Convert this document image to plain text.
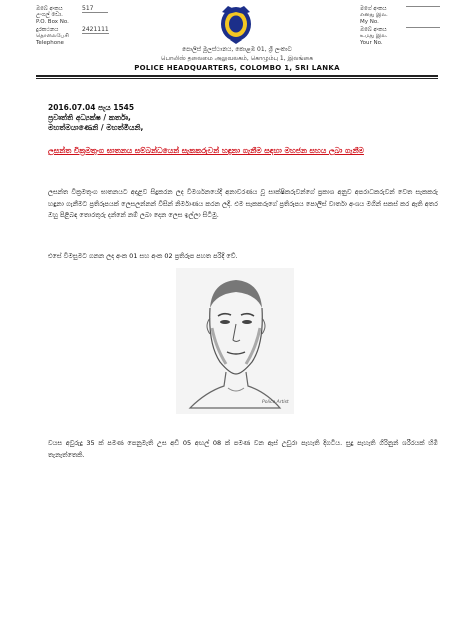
ඔබේ අංකය
උංගල් ඩො.
P.O. Box No.
517
දුරකථනය
தொலைபேசி
Telephone
2421111
මගේ අංකය
எனது இல.
My No.
ඔබේ අංකය
உமது இல.
Your No.
පොලිස් මූලස්ථානය, කොළඹ 01, ශ්‍රී ලංකාව
பொலிஸ் தலைமை அலுவலகம், கொழும்பு 1, இலங்கை
POLICE HEADQUARTERS, COLOMBO 1, SRI LANKA
2016.07.04 පැය 1545
ප්‍රවෘත්ති අධ්‍යක්ෂ / කර්තෘ,
මහත්මයාණෙනි / මහත්මියනි,
ලසන්ත වික්‍රමතුංග ඝාතනය සම්බන්ධයෙන් සැකකරුවන් හඳුනා ගැනීම සඳහා මහජන සහය ලබා ගැනීම
ලසන්ත වික්‍රමතුංග ඝාතනයට අදාළව සිදුකරන ලද විමර්ශනයේදී අනාවරණය වූ සාක්ෂිකරුවන්ගේ ප්‍රකාශ අනුව අපරාධකරුවන් වෙත සැකකරු හඳුනා ගැනීමට ප්‍රතිරූපයක් ලෙසලන්නන් විසින් නිර්මාණය කරන ලදී. එම සැකකරුගේ ප්‍රතිරූපය පොලිස් වාර්තා අංශය මගින් සකස් කර ඇති අතර ඔහු පිළිබඳ තොරතුරු දන්නේ නම් ලබා දෙන ලෙස ඉල්ලා සිටිමු.
එසේ විමසුමට ගනන ලද අංක 01 සහ අංක 02 ප්‍රතිරූප පහත පරිදි වේ.
Police Artist
වයස අවුරුදු 35 ක් පමණ පෙනුමැති උස අඩි 05 අඟල් 08 ක් පමණ වන ඇස් උඩුරා පැහැති දිගටිය. සුදු පැහැති ගිරිනුන් ශරීරයක් හිමි තැනැත්තෙකි.
